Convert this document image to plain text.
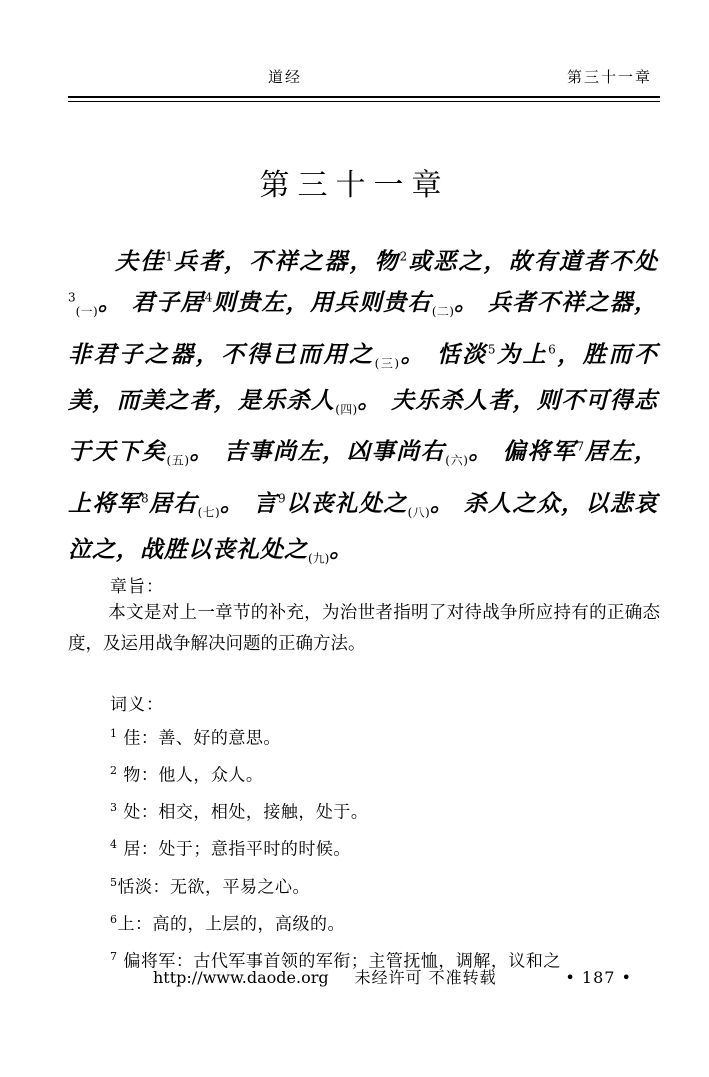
道经	第三十一章
第三十一章
夫佳$^1$兵者，不祥之器，物$^2$或恶之，故有道者不处$^3_{(一)}$。 君子居$^4$则贵左，用兵则贵右$_{(二)}$。 兵者不祥之器，非君子之器，不得已而用之$_{(三)}$。 恬淡$^5$为上$^6$，胜而不美，而美之者，是乐杀人$_{(四)}$。 夫乐杀人者，则不可得志于天下矣$_{(五)}$。 吉事尚左，凶事尚右$_{(六)}$。 偏将军$^7$居左，上将军$^8$居右$_{(七)}$。 言$^9$以丧礼处之$_{(八)}$。 杀人之众，以悲哀泣之，战胜以丧礼处之$_{(九)}$。
章旨：
本文是对上一章节的补充，为治世者指明了对待战争所应持有的正确态度，及运用战争解决问题的正确方法。
词义：
$^1$ 佳：善、好的意思。
$^2$ 物：他人，众人。
$^3$ 处：相交，相处，接触，处于。
$^4$ 居：处于；意指平时的时候。
$^5$恬淡：无欲，平易之心。
$^6$上：高的，上层的，高级的。
$^7$ 偏将军：古代军事首领的军衔；主管抚恤，调解，议和之
http://www.daode.org 未经许可 不准转载	• 187 •
